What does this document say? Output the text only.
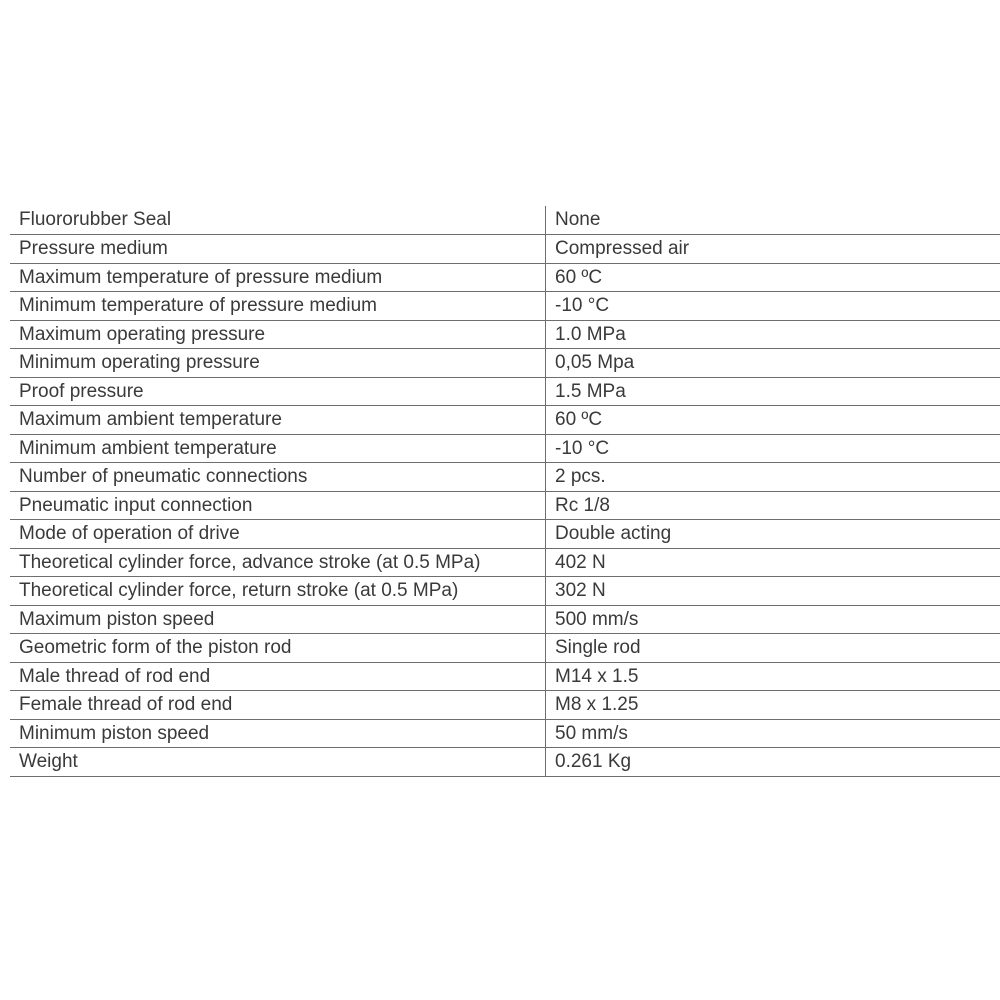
Fluororubber Seal	None
Pressure medium	Compressed air
Maximum temperature of pressure medium	60 ºC
Minimum temperature of pressure medium	-10 °C
Maximum operating pressure	1.0 MPa
Minimum operating pressure	0,05 Mpa
Proof pressure	1.5 MPa
Maximum ambient temperature	60 ºC
Minimum ambient temperature	-10 °C
Number of pneumatic connections	2 pcs.
Pneumatic input connection	Rc 1/8
Mode of operation of drive	Double acting
Theoretical cylinder force, advance stroke (at 0.5 MPa)	402 N
Theoretical cylinder force, return stroke (at 0.5 MPa)	302 N
Maximum piston speed	500 mm/s
Geometric form of the piston rod	Single rod
Male thread of rod end	M14 x 1.5
Female thread of rod end	M8 x 1.25
Minimum piston speed	50 mm/s
Weight	0.261 Kg
